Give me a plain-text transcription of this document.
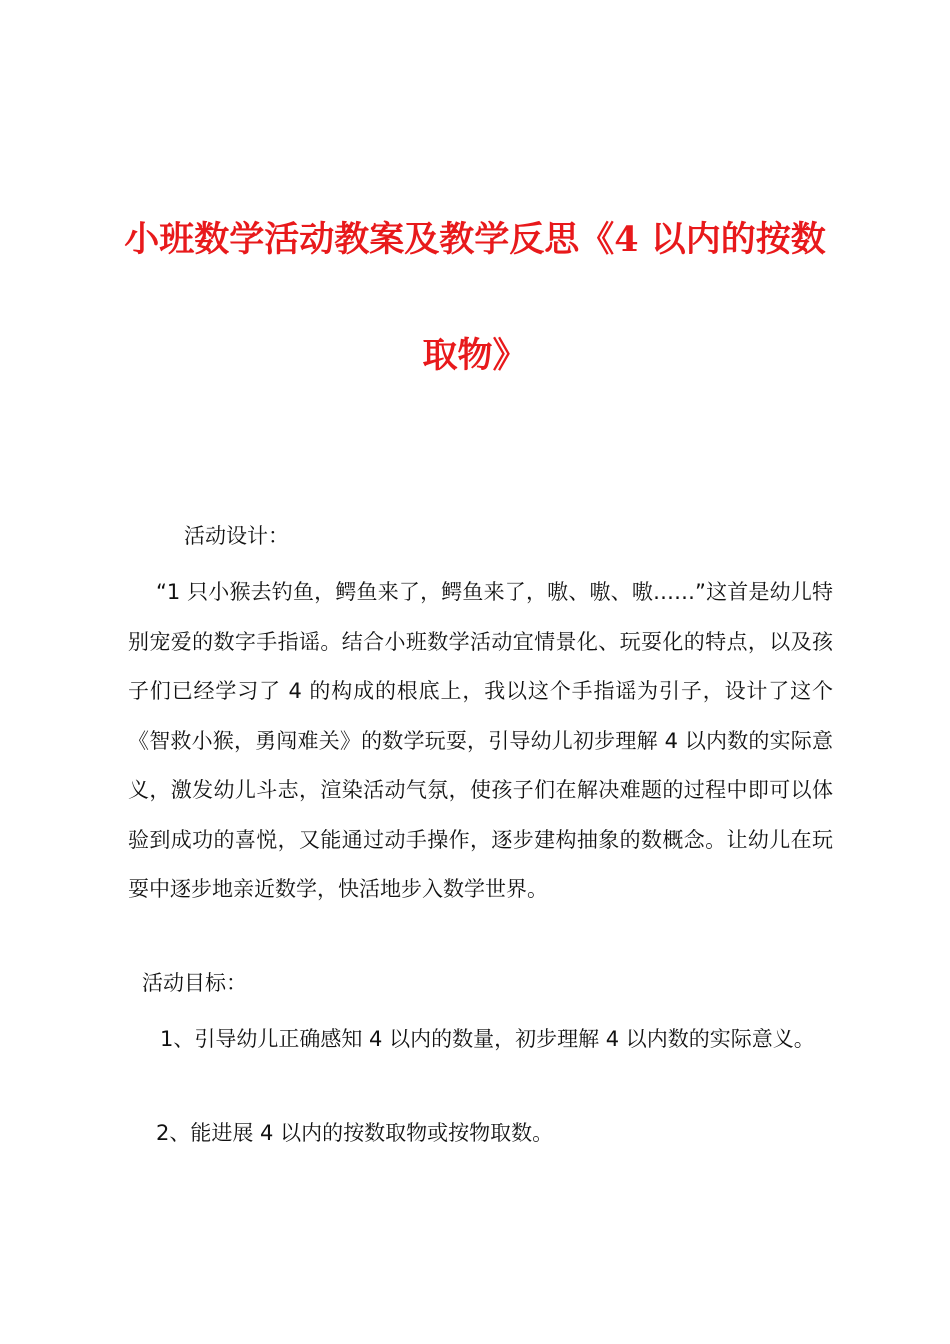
小班数学活动教案及教学反思《4 以内的按数
取物》
活动设计：
“1 只小猴去钓鱼，鳄鱼来了，鳄鱼来了，嗷、嗷、嗷……”这首是幼儿特别宠爱的数字手指谣。结合小班数学活动宜情景化、玩耍化的特点，以及孩子们已经学习了 4 的构成的根底上，我以这个手指谣为引子，设计了这个《智救小猴，勇闯难关》的数学玩耍，引导幼儿初步理解 4 以内数的实际意义，激发幼儿斗志，渲染活动气氛，使孩子们在解决难题的过程中即可以体验到成功的喜悦，又能通过动手操作，逐步建构抽象的数概念。让幼儿在玩耍中逐步地亲近数学，快活地步入数学世界。
活动目标：
1、引导幼儿正确感知 4 以内的数量，初步理解 4 以内数的实际意义。
2、能进展 4 以内的按数取物或按物取数。
